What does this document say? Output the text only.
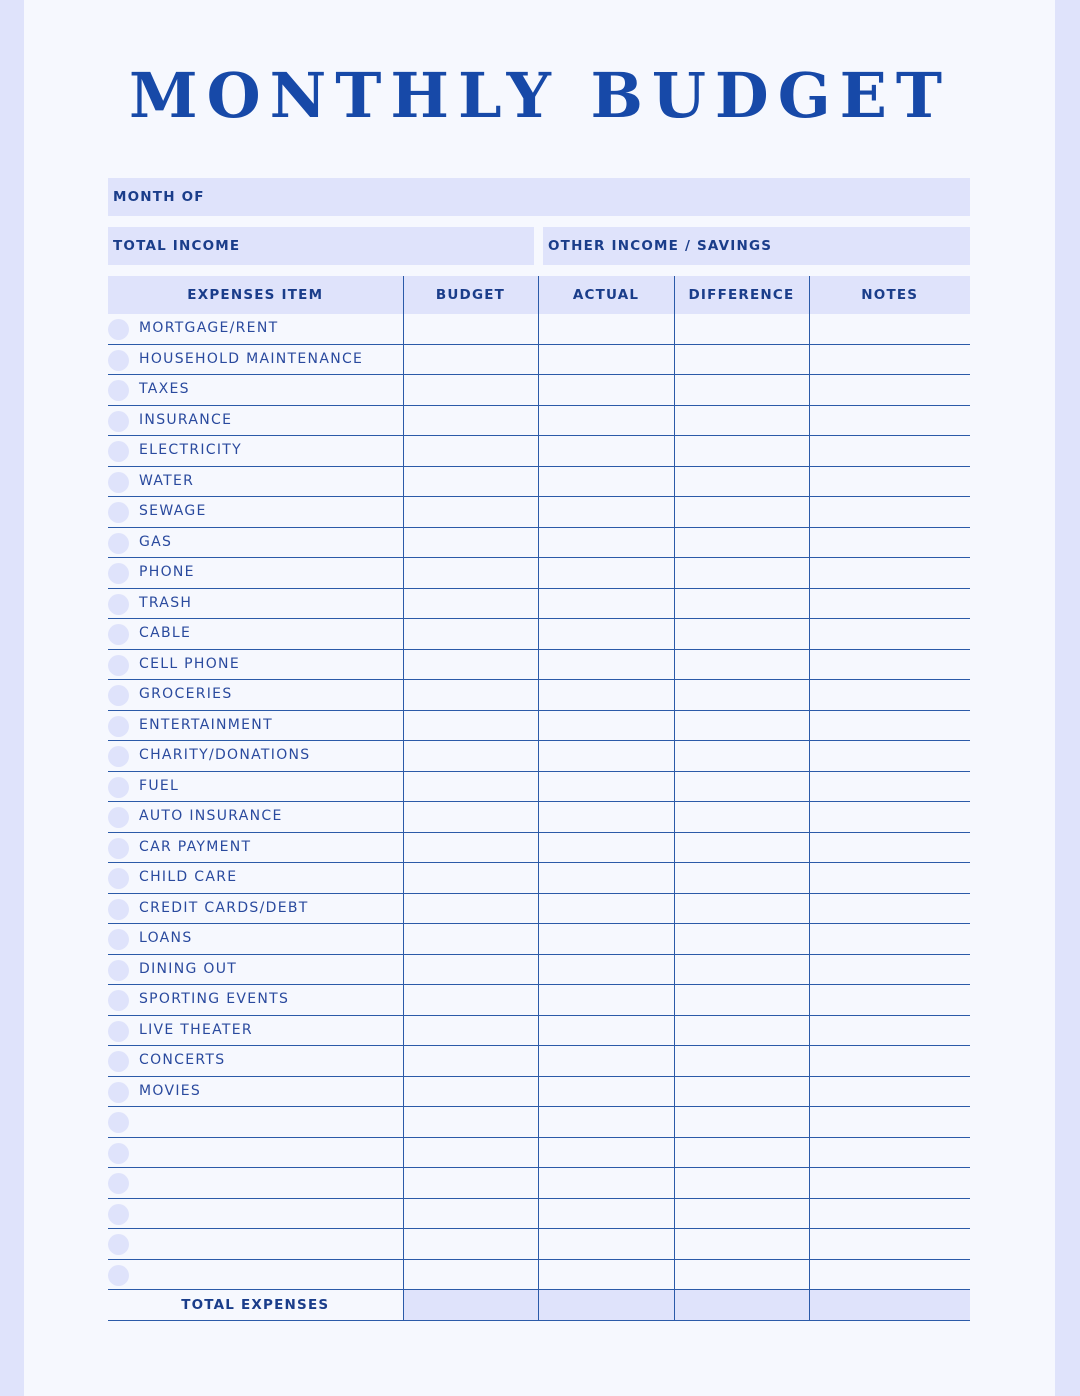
MONTHLY BUDGET
MONTH OF
TOTAL INCOME	OTHER INCOME / SAVINGS
EXPENSES ITEM	BUDGET	ACTUAL	DIFFERENCE	NOTES

MORTGAGE/RENT				

HOUSEHOLD MAINTENANCE				

TAXES				

INSURANCE				

ELECTRICITY				

WATER				

SEWAGE				

GAS				

PHONE				

TRASH				

CABLE				

CELL PHONE				

GROCERIES				

ENTERTAINMENT				

CHARITY/DONATIONS				

FUEL				

AUTO INSURANCE				

CAR PAYMENT				

CHILD CARE				

CREDIT CARDS/DEBT				

LOANS				

DINING OUT				

SPORTING EVENTS				

LIVE THEATER				

CONCERTS				

MOVIES				

TOTAL EXPENSES				
